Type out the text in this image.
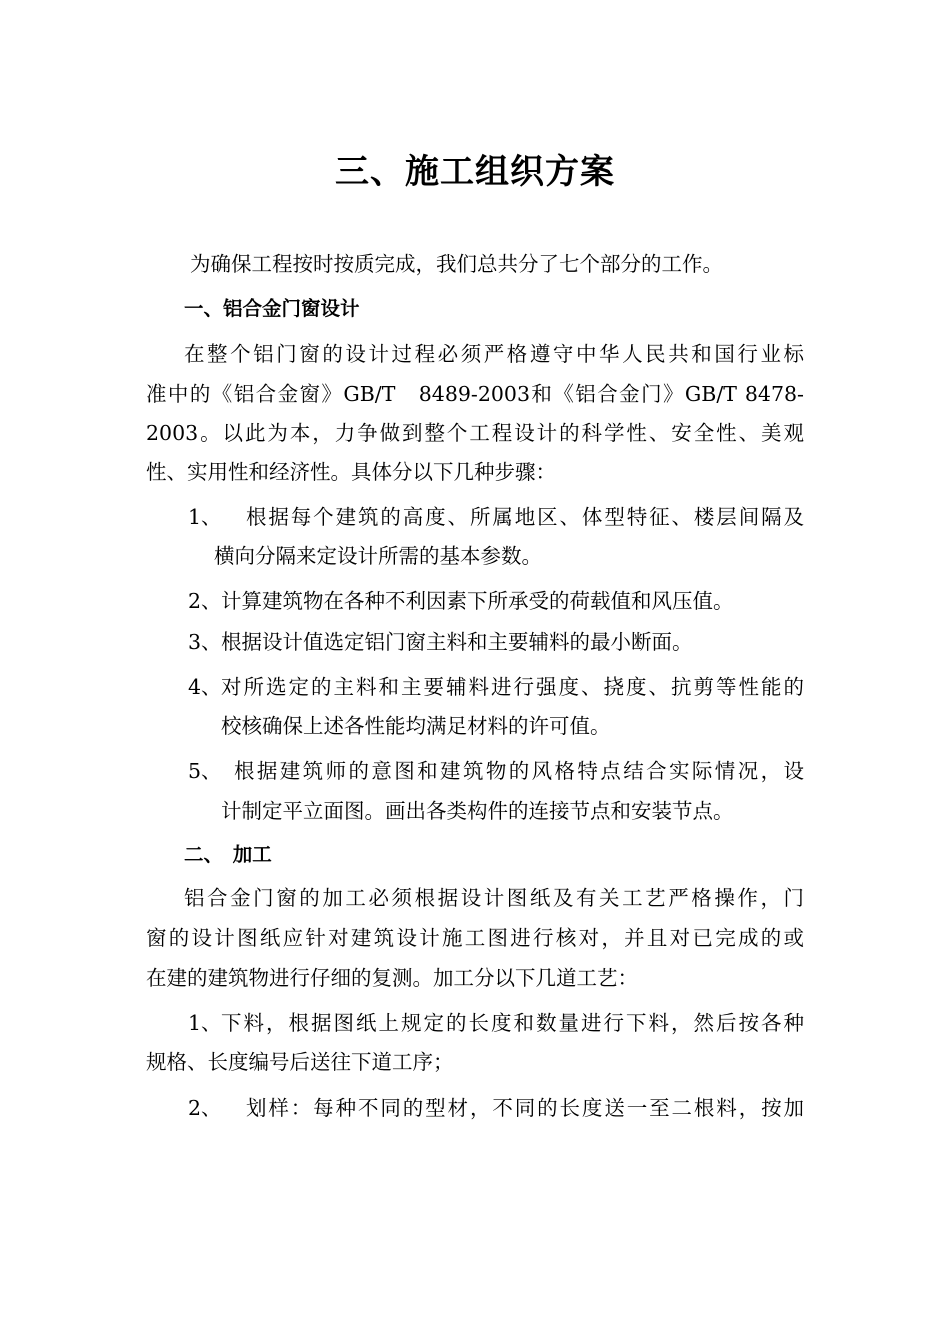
三、施工组织方案
为确保工程按时按质完成，我们总共分了七个部分的工作。
一、铝合金门窗设计
在整个铝门窗的设计过程必须严格遵守中华人民共和国行业标
准中的《铝合金窗》GB/T　8489-2003和《铝合金门》GB/T 8478-
2003。以此为本，力争做到整个工程设计的科学性、安全性、美观
性、实用性和经济性。具体分以下几种步骤：
1、 根据每个建筑的高度、所属地区、体型特征、楼层间隔及
横向分隔来定设计所需的基本参数。
2、 计算建筑物在各种不利因素下所承受的荷载值和风压值。
3、 根据设计值选定铝门窗主料和主要辅料的最小断面。
4、 对所选定的主料和主要辅料进行强度、挠度、抗剪等性能的
校核确保上述各性能均满足材料的许可值。
5、 根据建筑师的意图和建筑物的风格特点结合实际情况，设
计制定平立面图。画出各类构件的连接节点和安装节点。
二、　加工
铝合金门窗的加工必须根据设计图纸及有关工艺严格操作，门
窗的设计图纸应针对建筑设计施工图进行核对，并且对已完成的或
在建的建筑物进行仔细的复测。加工分以下几道工艺：
1、 下料，根据图纸上规定的长度和数量进行下料，然后按各种
规格、长度编号后送往下道工序；
2、 划样：每种不同的型材，不同的长度送一至二根料，按加
